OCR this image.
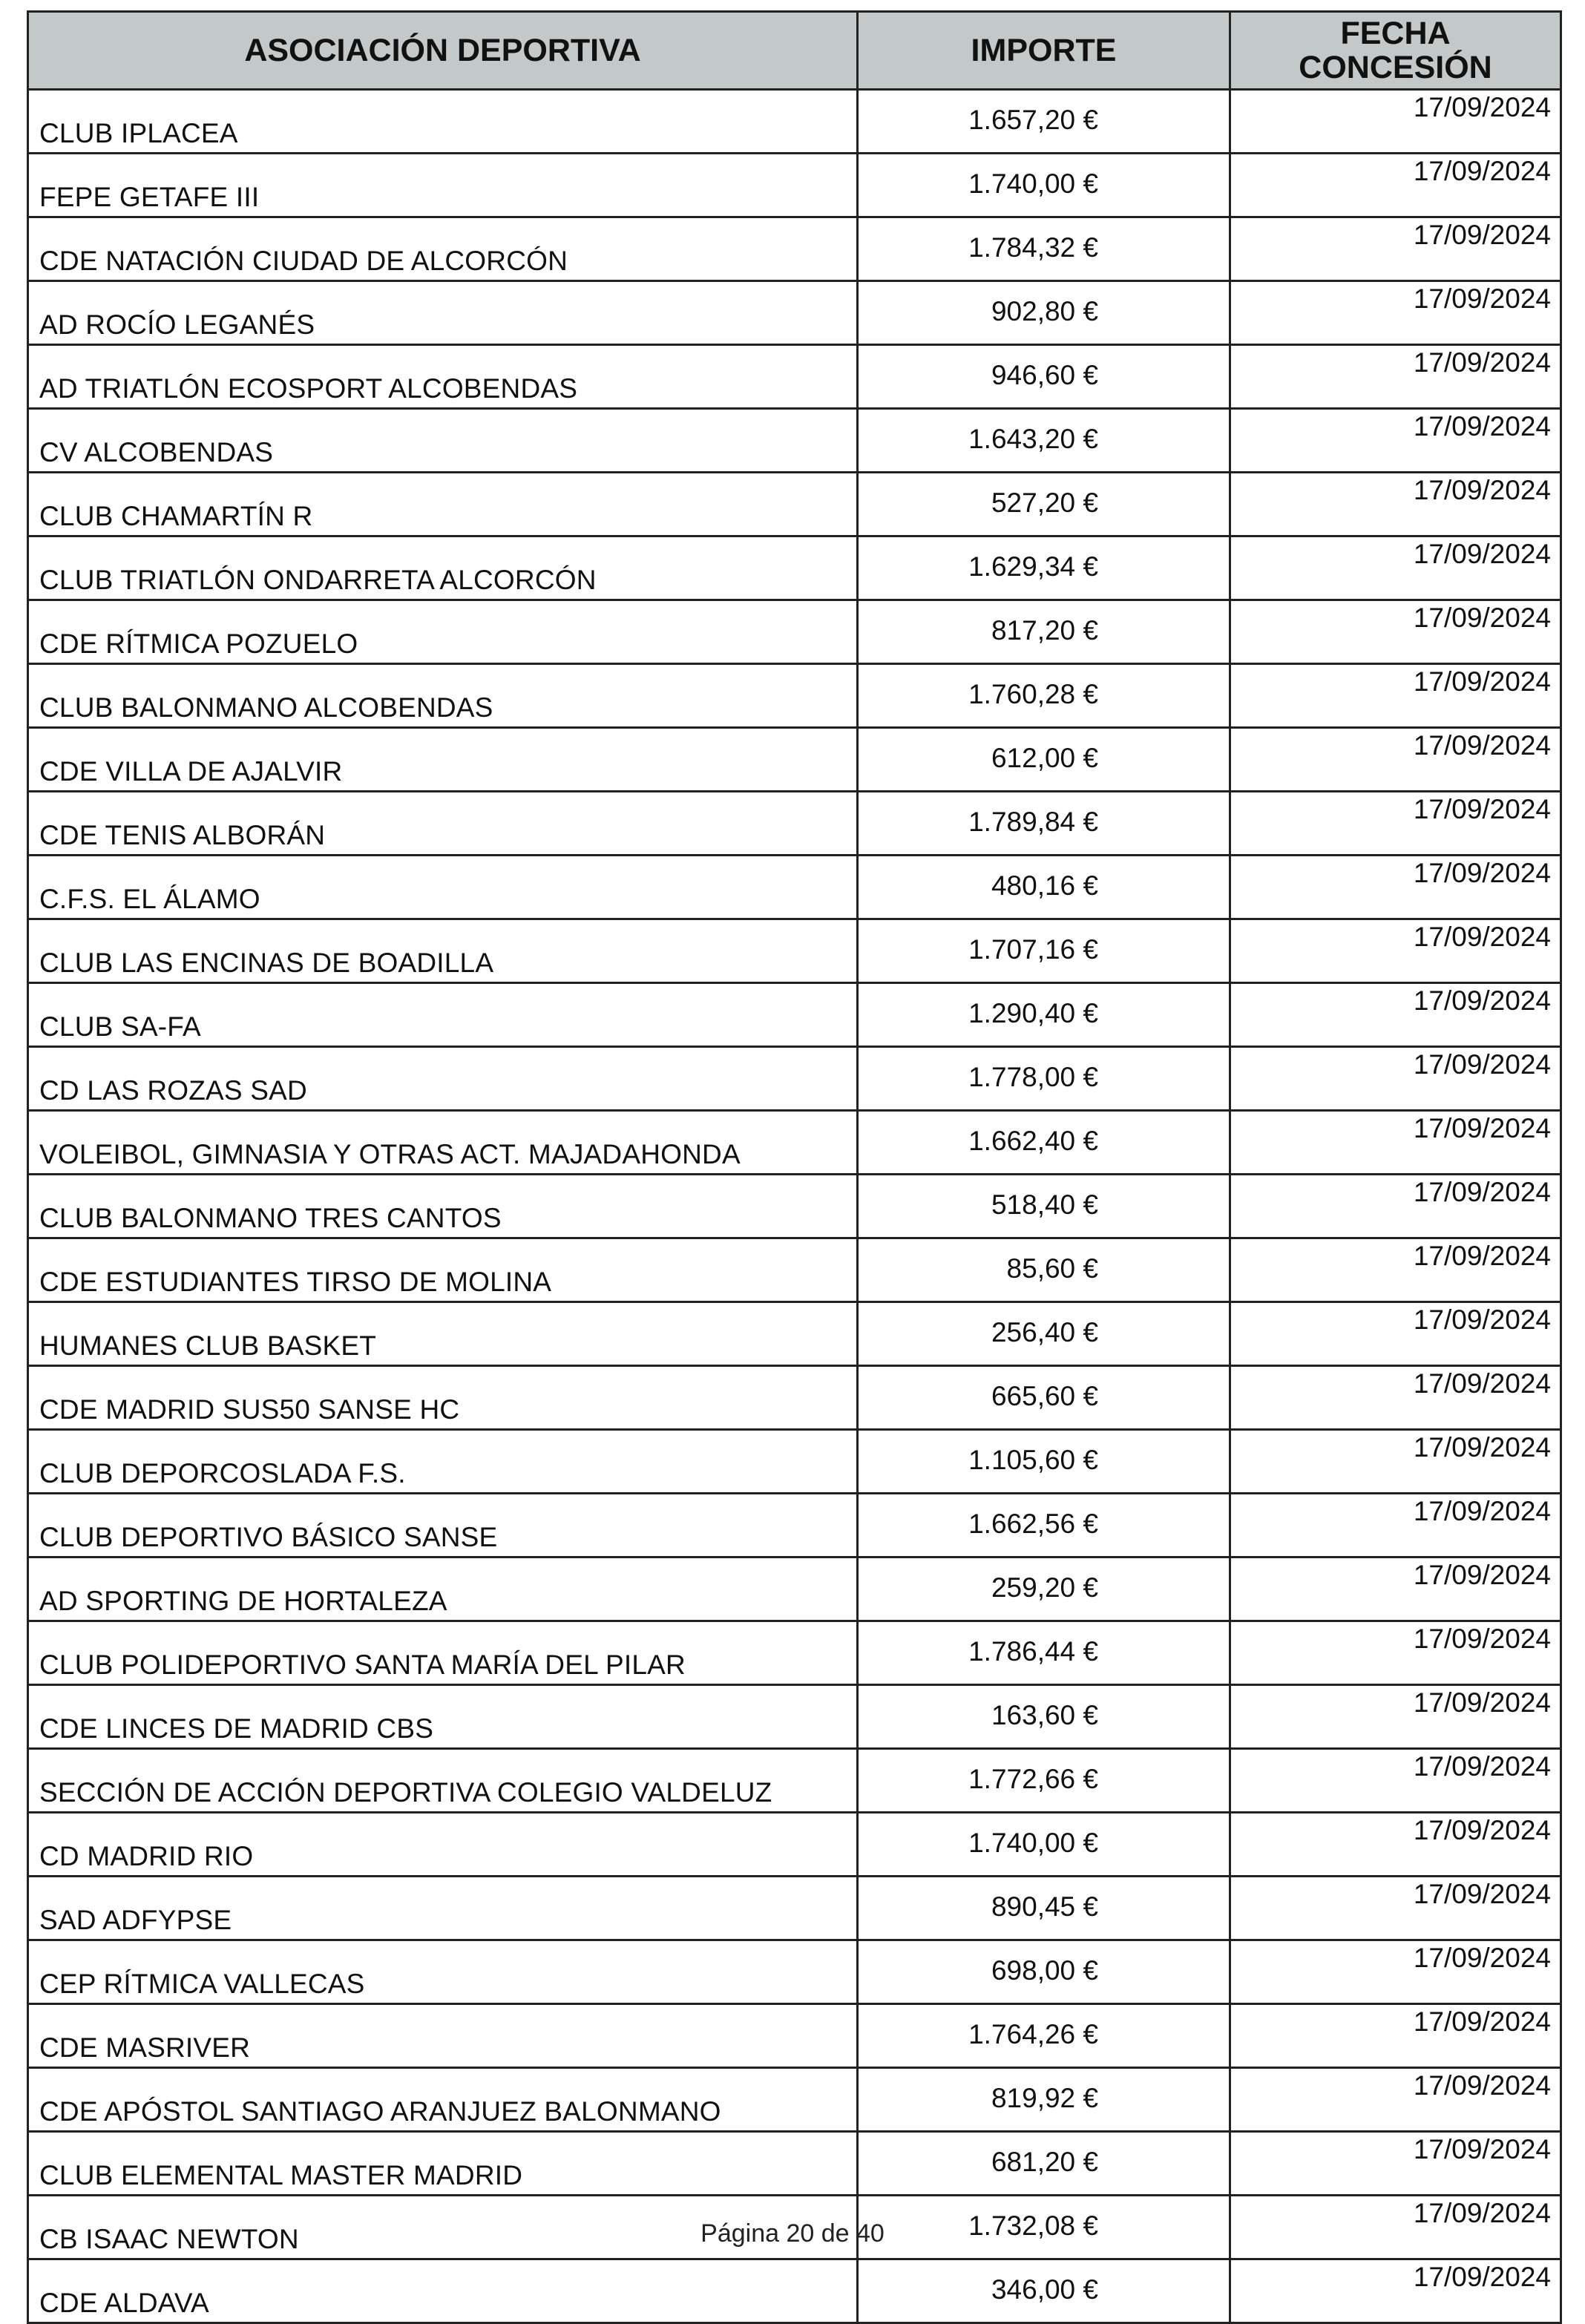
ASOCIACIÓN DEPORTIVA	IMPORTE	FECHA
CONCESIÓN

CLUB IPLACEA	1.657,20 €	17/09/2024
FEPE GETAFE III	1.740,00 €	17/09/2024
CDE NATACIÓN CIUDAD DE ALCORCÓN	1.784,32 €	17/09/2024
AD ROCÍO LEGANÉS	902,80 €	17/09/2024
AD TRIATLÓN ECOSPORT ALCOBENDAS	946,60 €	17/09/2024
CV ALCOBENDAS	1.643,20 €	17/09/2024
CLUB CHAMARTÍN R	527,20 €	17/09/2024
CLUB TRIATLÓN ONDARRETA ALCORCÓN	1.629,34 €	17/09/2024
CDE RÍTMICA POZUELO	817,20 €	17/09/2024
CLUB BALONMANO ALCOBENDAS	1.760,28 €	17/09/2024
CDE VILLA DE AJALVIR	612,00 €	17/09/2024
CDE TENIS ALBORÁN	1.789,84 €	17/09/2024
C.F.S. EL ÁLAMO	480,16 €	17/09/2024
CLUB LAS ENCINAS DE BOADILLA	1.707,16 €	17/09/2024
CLUB SA-FA	1.290,40 €	17/09/2024
CD LAS ROZAS SAD	1.778,00 €	17/09/2024
VOLEIBOL, GIMNASIA Y OTRAS ACT. MAJADAHONDA	1.662,40 €	17/09/2024
CLUB BALONMANO TRES CANTOS	518,40 €	17/09/2024
CDE ESTUDIANTES TIRSO DE MOLINA	85,60 €	17/09/2024
HUMANES CLUB BASKET	256,40 €	17/09/2024
CDE MADRID SUS50 SANSE HC	665,60 €	17/09/2024
CLUB DEPORCOSLADA F.S.	1.105,60 €	17/09/2024
CLUB DEPORTIVO BÁSICO SANSE	1.662,56 €	17/09/2024
AD SPORTING DE HORTALEZA	259,20 €	17/09/2024
CLUB POLIDEPORTIVO SANTA MARÍA DEL PILAR	1.786,44 €	17/09/2024
CDE LINCES DE MADRID CBS	163,60 €	17/09/2024
SECCIÓN DE ACCIÓN DEPORTIVA COLEGIO VALDELUZ	1.772,66 €	17/09/2024
CD MADRID RIO	1.740,00 €	17/09/2024
SAD ADFYPSE	890,45 €	17/09/2024
CEP RÍTMICA VALLECAS	698,00 €	17/09/2024
CDE MASRIVER	1.764,26 €	17/09/2024
CDE APÓSTOL SANTIAGO ARANJUEZ BALONMANO	819,92 €	17/09/2024
CLUB ELEMENTAL MASTER MADRID	681,20 €	17/09/2024
CB ISAAC NEWTON	1.732,08 €	17/09/2024
CDE ALDAVA	346,00 €	17/09/2024
Página 20 de 40
